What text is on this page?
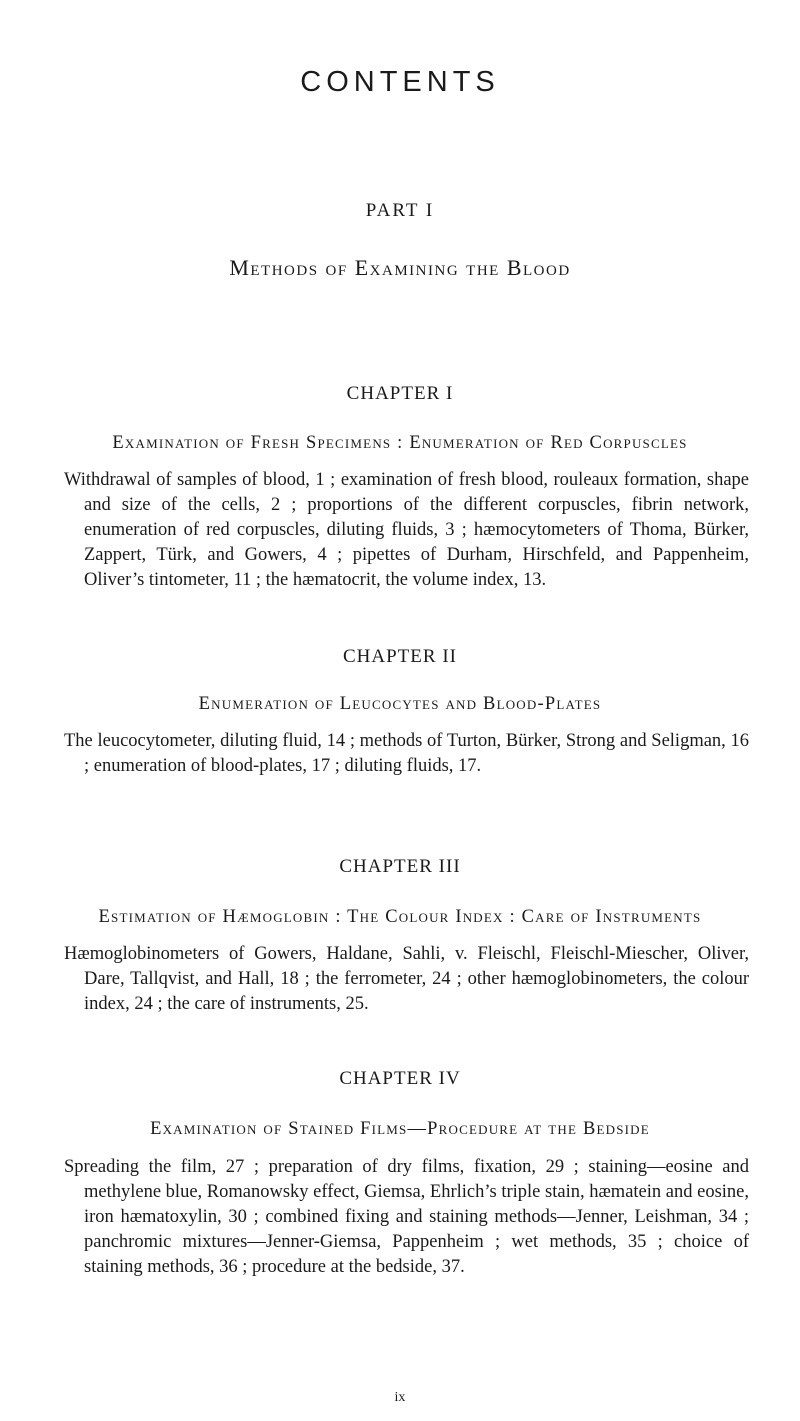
CONTENTS
PART I
Methods of Examining the Blood
CHAPTER I
Examination of Fresh Specimens : Enumeration of Red Corpuscles
Withdrawal of samples of blood, 1 ; examination of fresh blood, rouleaux formation, shape and size of the cells, 2 ; proportions of the different corpuscles, fibrin network, enumeration of red corpuscles, diluting fluids, 3 ; hæmocytometers of Thoma, Bürker, Zappert, Türk, and Gowers, 4 ; pipettes of Durham, Hirschfeld, and Pappenheim, Oliver’s tintometer, 11 ; the hæmatocrit, the volume index, 13.
CHAPTER II
Enumeration of Leucocytes and Blood-Plates
The leucocytometer, diluting fluid, 14 ; methods of Turton, Bürker, Strong and Seligman, 16 ; enumeration of blood-plates, 17 ; diluting fluids, 17.
CHAPTER III
Estimation of Hæmoglobin : The Colour Index : Care of Instruments
Hæmoglobinometers of Gowers, Haldane, Sahli, v. Fleischl, Fleischl-Miescher, Oliver, Dare, Tallqvist, and Hall, 18 ; the ferrometer, 24 ; other hæmoglobinometers, the colour index, 24 ; the care of instruments, 25.
CHAPTER IV
Examination of Stained Films—Procedure at the Bedside
Spreading the film, 27 ; preparation of dry films, fixation, 29 ; staining—eosine and methylene blue, Romanowsky effect, Giemsa, Ehrlich’s triple stain, hæmatein and eosine, iron hæmatoxylin, 30 ; combined fixing and staining methods—Jenner, Leishman, 34 ; panchromic mixtures—Jenner-Giemsa, Pappenheim ; wet methods, 35 ; choice of staining methods, 36 ; procedure at the bedside, 37.
ix
